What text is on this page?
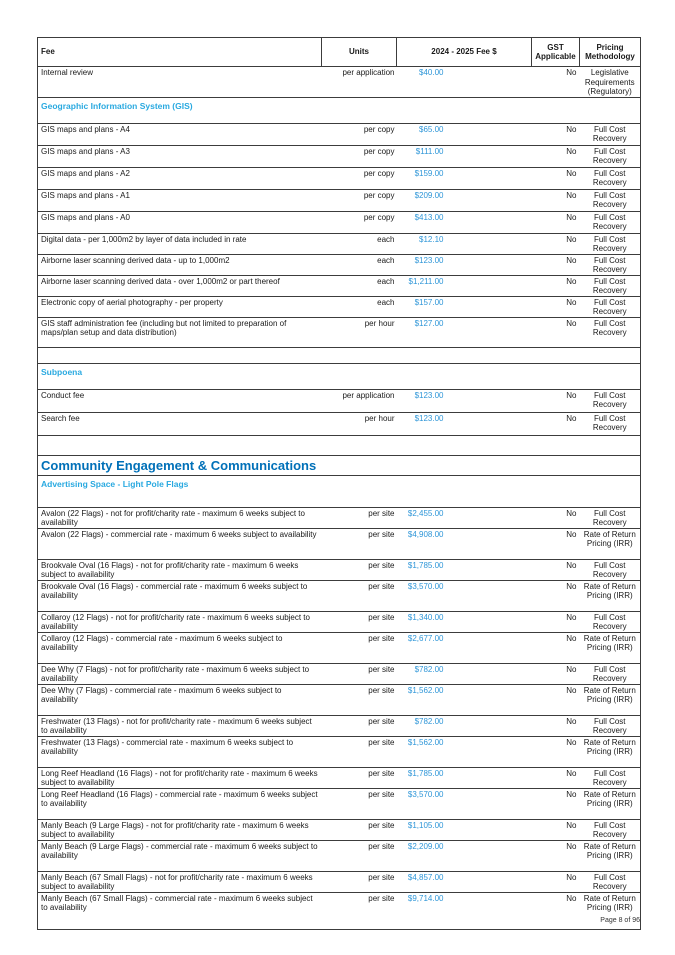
Fee	Units	2024 - 2025 Fee $	GST Applicable	Pricing Methodology
Internal review	per application	$40.00	No	Legislative Requirements (Regulatory)
Geographic Information System (GIS)				
GIS maps and plans - A4	per copy	$65.00	No	Full Cost Recovery
GIS maps and plans - A3	per copy	$111.00	No	Full Cost Recovery
GIS maps and plans - A2	per copy	$159.00	No	Full Cost Recovery
GIS maps and plans - A1	per copy	$209.00	No	Full Cost Recovery
GIS maps and plans - A0	per copy	$413.00	No	Full Cost Recovery
Digital data - per 1,000m2 by layer of data included in rate	each	$12.10	No	Full Cost Recovery
Airborne laser scanning derived data - up to 1,000m2	each	$123.00	No	Full Cost Recovery
Airborne laser scanning derived data - over 1,000m2 or part thereof	each	$1,211.00	No	Full Cost Recovery
Electronic copy of aerial photography - per property	each	$157.00	No	Full Cost Recovery
GIS staff administration fee (including but not limited to preparation of maps/plan setup and data distribution)	per hour	$127.00	No	Full Cost Recovery

Subpoena				
Conduct fee	per application	$123.00	No	Full Cost Recovery
Search fee	per hour	$123.00	No	Full Cost Recovery

Community Engagement & Communications				
Advertising Space - Light Pole Flags				
Avalon (22 Flags) - not for profit/charity rate - maximum 6 weeks subject to availability	per site	$2,455.00	No	Full Cost Recovery
Avalon (22 Flags) - commercial rate - maximum 6 weeks subject to availability	per site	$4,908.00	No	Rate of Return Pricing (IRR)
Brookvale Oval (16 Flags) - not for profit/charity rate - maximum 6 weeks subject to availability	per site	$1,785.00	No	Full Cost Recovery
Brookvale Oval (16 Flags) - commercial rate - maximum 6 weeks subject to availability	per site	$3,570.00	No	Rate of Return Pricing (IRR)
Collaroy (12 Flags) - not for profit/charity rate - maximum 6 weeks subject to availability	per site	$1,340.00	No	Full Cost Recovery
Collaroy (12 Flags) - commercial rate - maximum 6 weeks subject to availability	per site	$2,677.00	No	Rate of Return Pricing (IRR)
Dee Why (7 Flags) - not for profit/charity rate - maximum 6 weeks subject to availability	per site	$782.00	No	Full Cost Recovery
Dee Why (7 Flags) - commercial rate - maximum 6 weeks subject to availability	per site	$1,562.00	No	Rate of Return Pricing (IRR)
Freshwater (13 Flags) - not for profit/charity rate - maximum 6 weeks subject to availability	per site	$782.00	No	Full Cost Recovery
Freshwater (13 Flags) - commercial rate - maximum 6 weeks subject to availability	per site	$1,562.00	No	Rate of Return Pricing (IRR)
Long Reef Headland (16 Flags) - not for profit/charity rate - maximum 6 weeks subject to availability	per site	$1,785.00	No	Full Cost Recovery
Long Reef Headland (16 Flags) - commercial rate - maximum 6 weeks subject to availability	per site	$3,570.00	No	Rate of Return Pricing (IRR)
Manly Beach (9 Large Flags) - not for profit/charity rate - maximum 6 weeks subject to availability	per site	$1,105.00	No	Full Cost Recovery
Manly Beach (9 Large Flags) - commercial rate - maximum 6 weeks subject to availability	per site	$2,209.00	No	Rate of Return Pricing (IRR)
Manly Beach (67 Small Flags) - not for profit/charity rate - maximum 6 weeks subject to availability	per site	$4,857.00	No	Full Cost Recovery
Manly Beach (67 Small Flags) - commercial rate - maximum 6 weeks subject to availability	per site	$9,714.00	No	Rate of Return Pricing (IRR)
Page 8 of 96
